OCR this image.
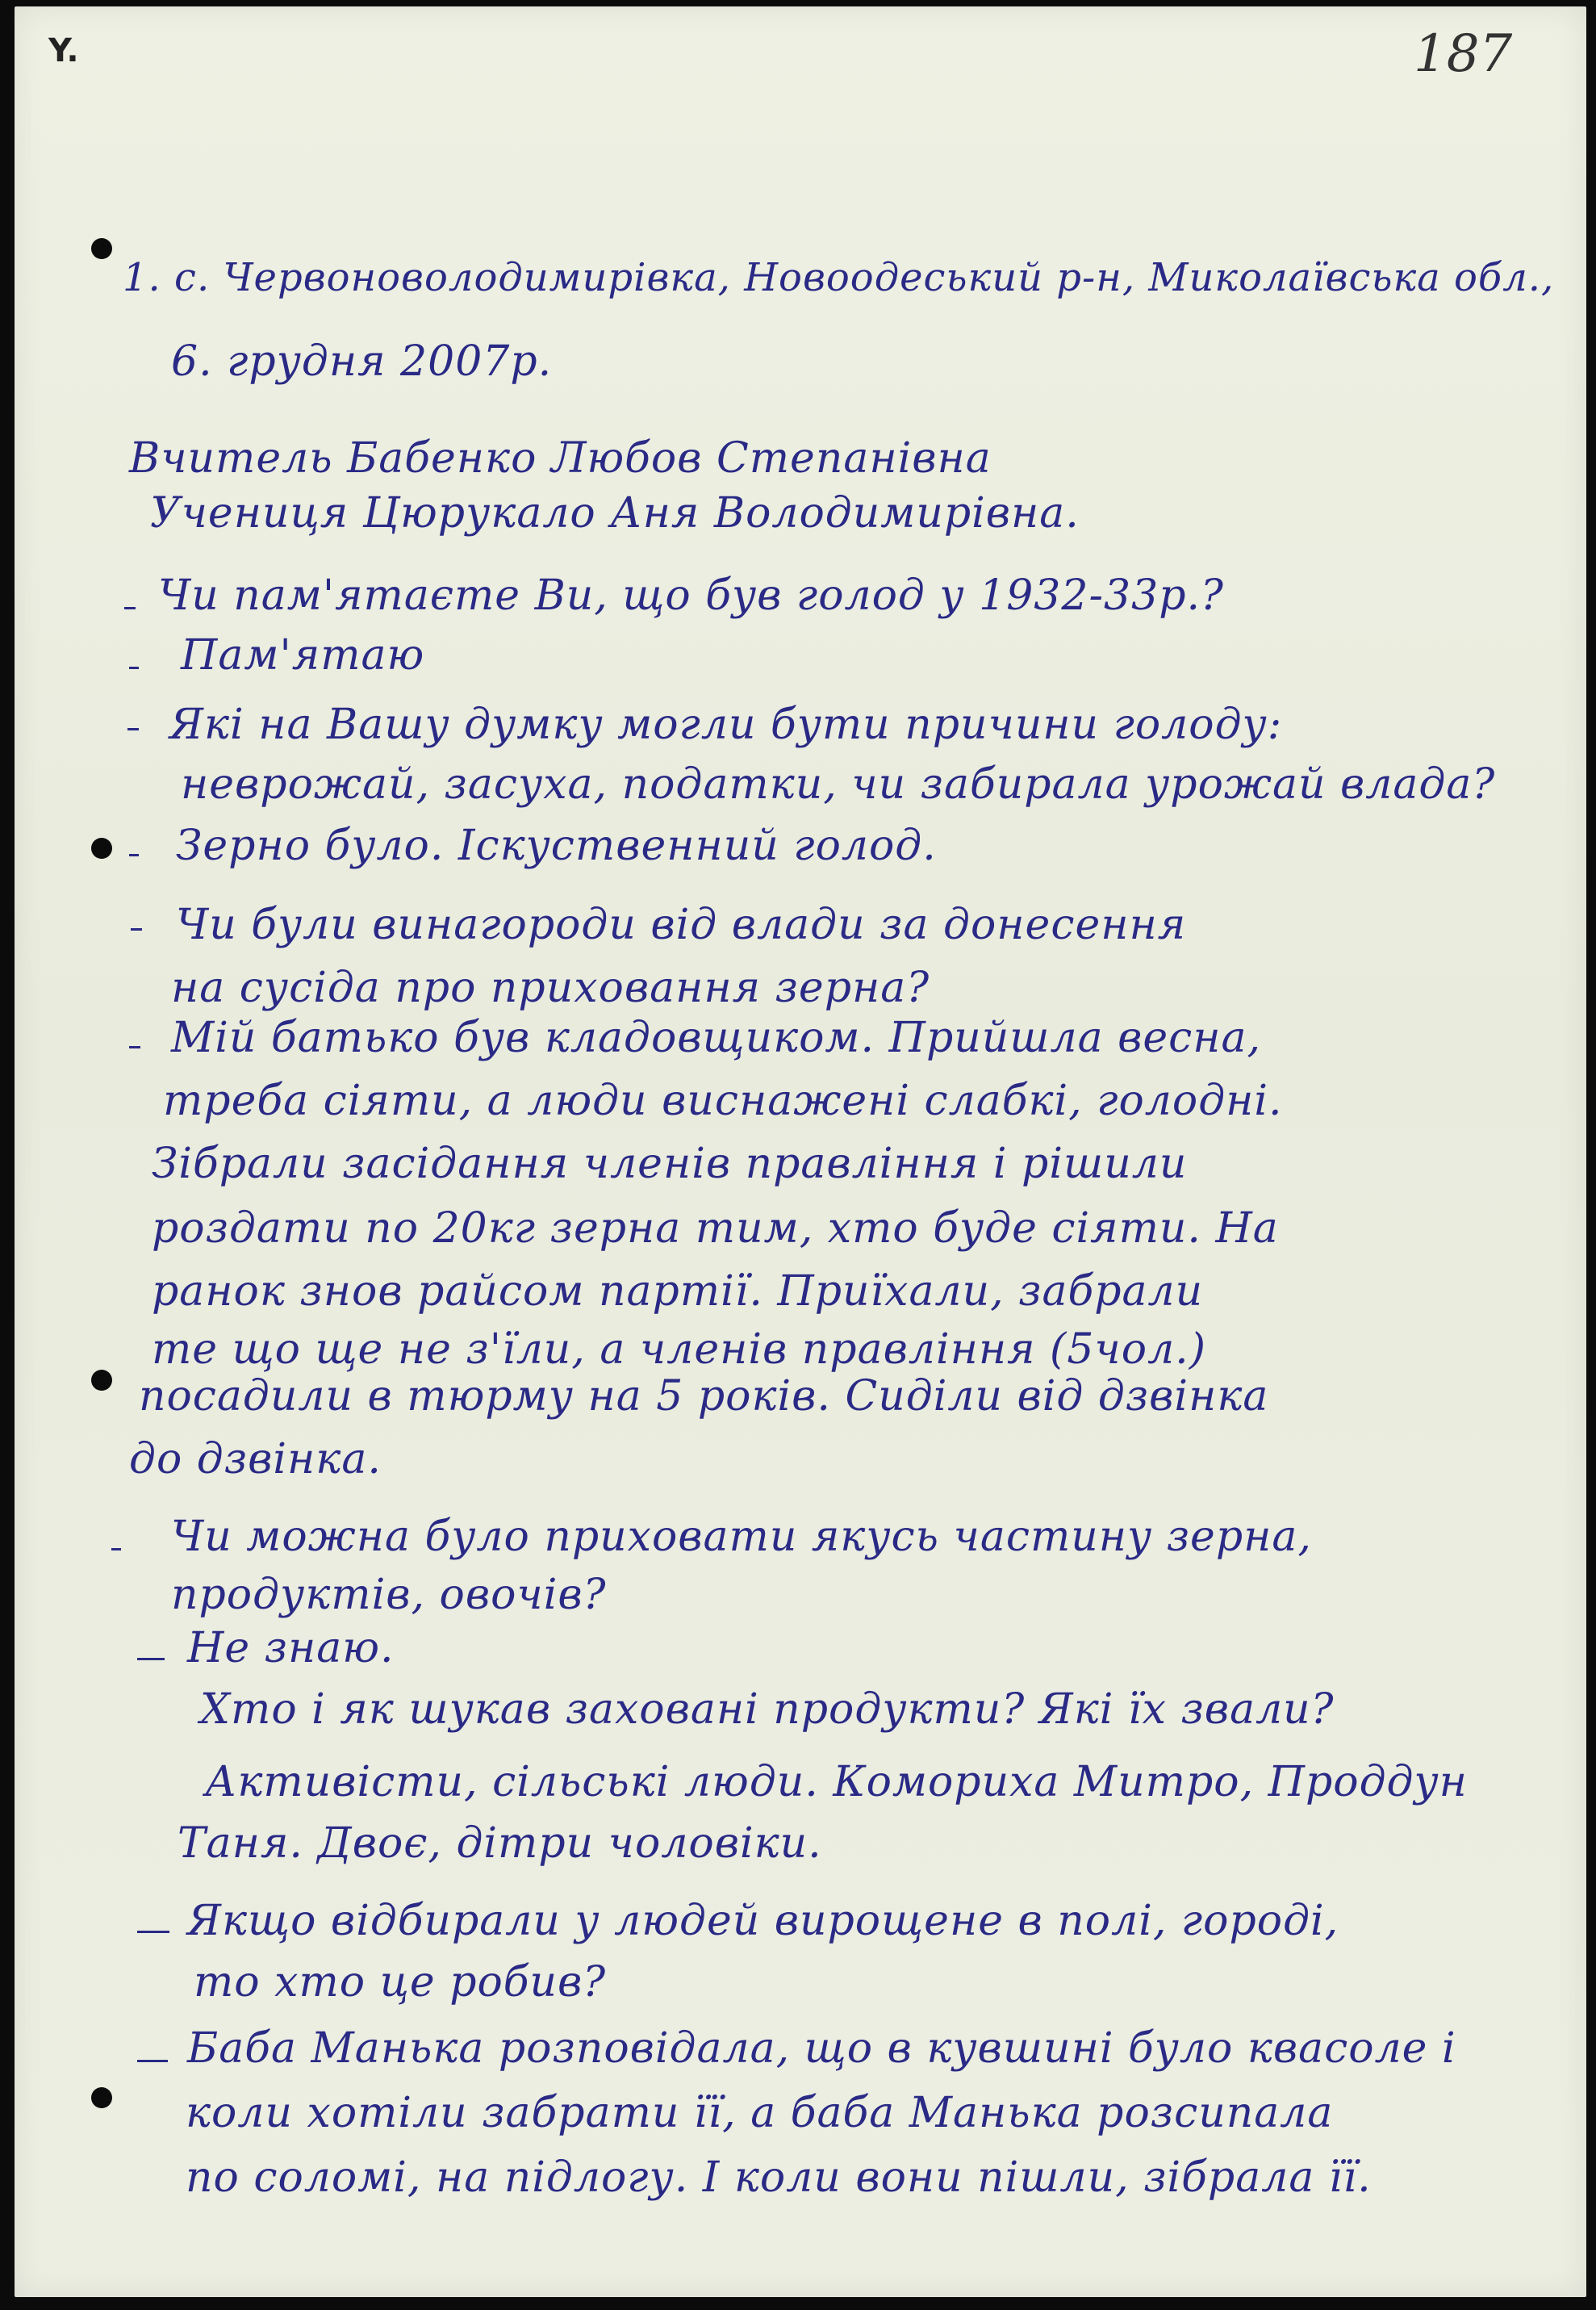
Y.	187
1. с. Червоноволодимирівка, Новоодеський р-н, Миколаївська обл.,
6. грудня 2007р.
Вчитель Бабенко Любов Степанівна
Учениця Цюрукало Аня Володимирівна.
Чи пам'ятаєте Ви, що був голод у 1932-33р.?
Пам'ятаю
Які на Вашу думку могли бути причини голоду:
неврожай, засуха, податки, чи забирала урожай влада?
Зерно було. Іскуственний голод.
Чи були винагороди від влади за донесення
на сусіда про приховання зерна?
Мій батько був кладовщиком. Прийшла весна,
треба сіяти, а люди виснажені слабкі, голодні.
Зібрали засідання членів правління і рішили
роздати по 20кг зерна тим, хто буде сіяти. На
ранок знов райсом партії. Приїхали, забрали
те що ще не з'їли, а членів правління (5чол.)
посадили в тюрму на 5 років. Сиділи від дзвінка
до дзвінка.
Чи можна було приховати якусь частину зерна,
продуктів, овочів?
Не знаю.
Хто і як шукав заховані продукти? Які їх звали?
Активісти, сільські люди. Комориха Митро, Проддун
Таня. Двоє, дітри чоловіки.
Якщо відбирали у людей вирощене в полі, городі,
то хто це робив?
Баба Манька розповідала, що в кувшині було квасоле і
коли хотіли забрати її, а баба Манька розсипала
по соломі, на підлогу. І коли вони пішли, зібрала її.
